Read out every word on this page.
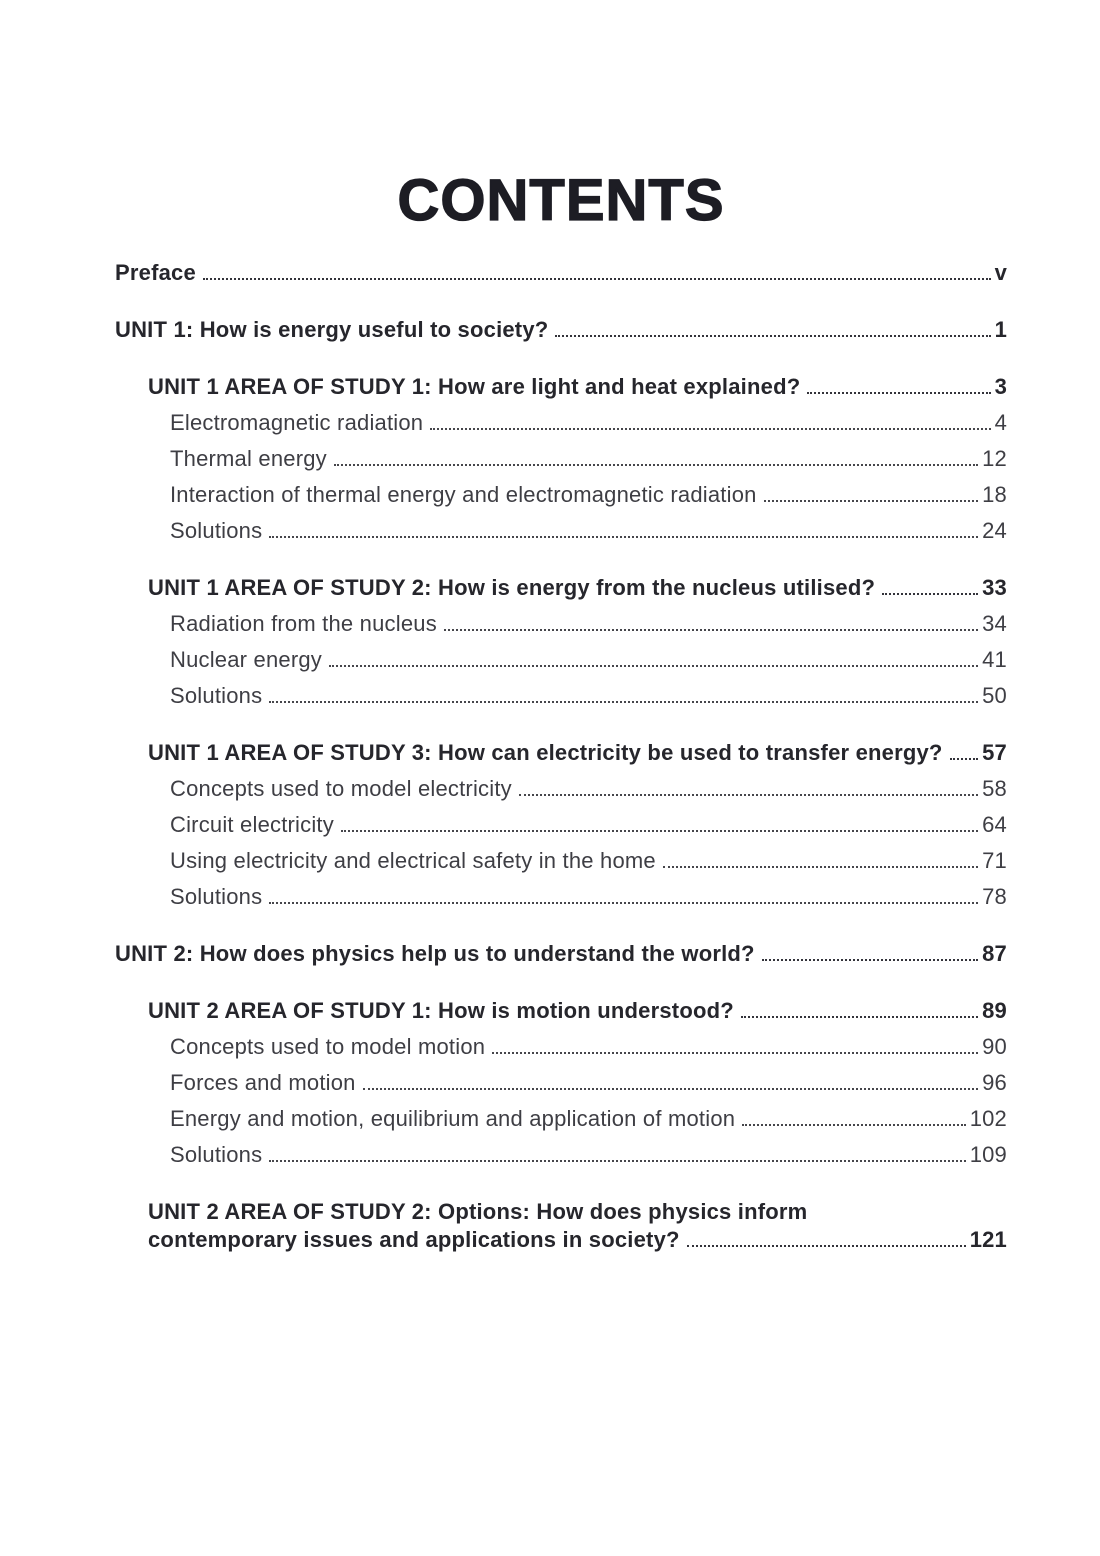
CONTENTS
Preface	v
UNIT 1: How is energy useful to society?	1
UNIT 1 AREA OF STUDY 1: How are light and heat explained?	3
Electromagnetic radiation	4
Thermal energy	12
Interaction of thermal energy and electromagnetic radiation	18
Solutions	24
UNIT 1 AREA OF STUDY 2: How is energy from the nucleus utilised?	33
Radiation from the nucleus	34
Nuclear energy	41
Solutions	50
UNIT 1 AREA OF STUDY 3: How can electricity be used to transfer energy? 57
Concepts used to model electricity	58
Circuit electricity	64
Using electricity and electrical safety in the home	71
Solutions	78
UNIT 2: How does physics help us to understand the world?	87
UNIT 2 AREA OF STUDY 1: How is motion understood?	89
Concepts used to model motion	90
Forces and motion	96
Energy and motion, equilibrium and application of motion	102
Solutions	109
UNIT 2 AREA OF STUDY 2: Options: How does physics inform
contemporary issues and applications in society?	121
